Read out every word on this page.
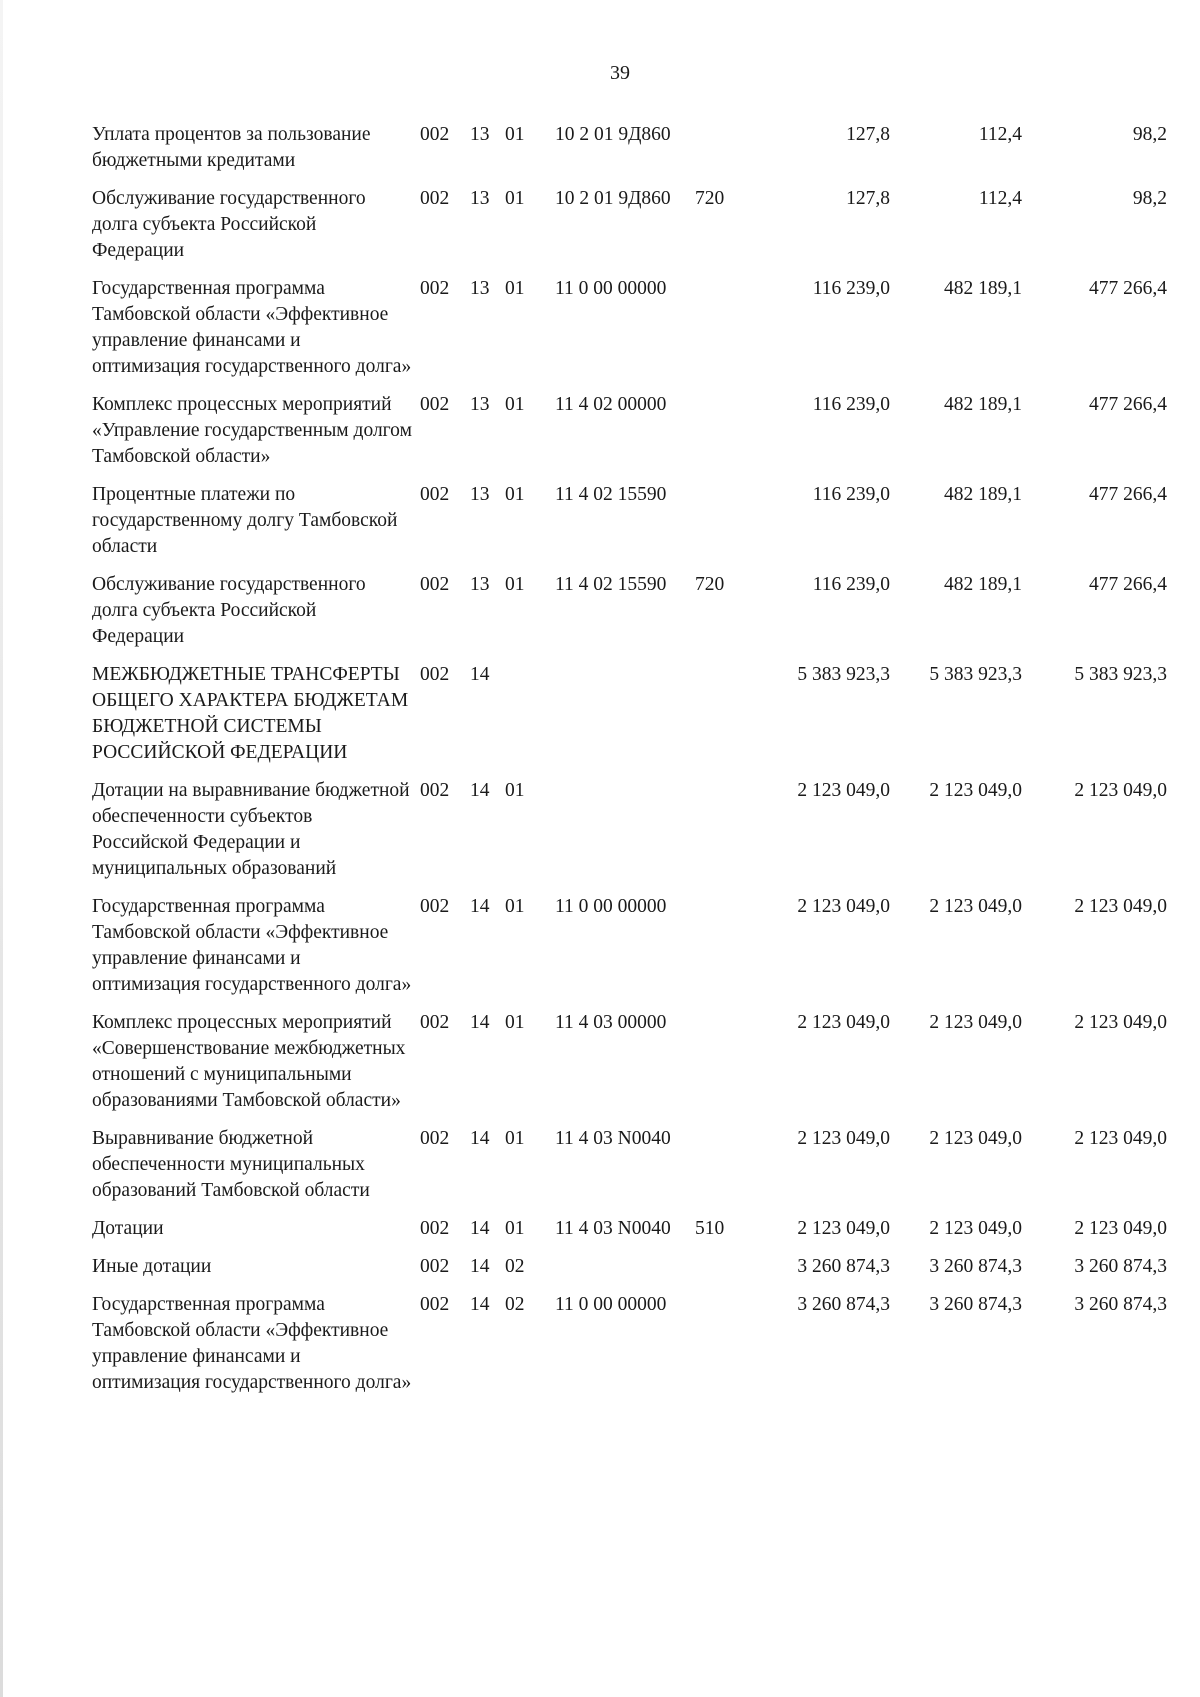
39
Уплата процентов за пользование бюджетными кредитами	002	13	01	10 2 01 9Д860		127,8	112,4	98,2
Обслуживание государственного долга субъекта Российской Федерации	002	13	01	10 2 01 9Д860	720	127,8	112,4	98,2
Государственная программа Тамбовской области «Эффективное управление финансами и оптимизация государственного долга»	002	13	01	11 0 00 00000		116 239,0	482 189,1	477 266,4
Комплекс процессных мероприятий «Управление государственным долгом Тамбовской области»	002	13	01	11 4 02 00000		116 239,0	482 189,1	477 266,4
Процентные платежи по государственному долгу Тамбовской области	002	13	01	11 4 02 15590		116 239,0	482 189,1	477 266,4
Обслуживание государственного долга субъекта Российской Федерации	002	13	01	11 4 02 15590	720	116 239,0	482 189,1	477 266,4
МЕЖБЮДЖЕТНЫЕ ТРАНСФЕРТЫ ОБЩЕГО ХАРАКТЕРА БЮДЖЕТАМ БЮДЖЕТНОЙ СИСТЕМЫ РОССИЙСКОЙ ФЕДЕРАЦИИ	002	14				5 383 923,3	5 383 923,3	5 383 923,3
Дотации на выравнивание бюджетной обеспеченности субъектов Российской Федерации и муниципальных образований	002	14	01			2 123 049,0	2 123 049,0	2 123 049,0
Государственная программа Тамбовской области «Эффективное управление финансами и оптимизация государственного долга»	002	14	01	11 0 00 00000		2 123 049,0	2 123 049,0	2 123 049,0
Комплекс процессных мероприятий «Совершенствование межбюджетных отношений с муниципальными образованиями Тамбовской области»	002	14	01	11 4 03 00000		2 123 049,0	2 123 049,0	2 123 049,0
Выравнивание бюджетной обеспеченности муниципальных образований Тамбовской области	002	14	01	11 4 03 N0040		2 123 049,0	2 123 049,0	2 123 049,0
Дотации	002	14	01	11 4 03 N0040	510	2 123 049,0	2 123 049,0	2 123 049,0
Иные дотации	002	14	02			3 260 874,3	3 260 874,3	3 260 874,3
Государственная программа Тамбовской области «Эффективное управление финансами и оптимизация государственного долга»	002	14	02	11 0 00 00000		3 260 874,3	3 260 874,3	3 260 874,3
